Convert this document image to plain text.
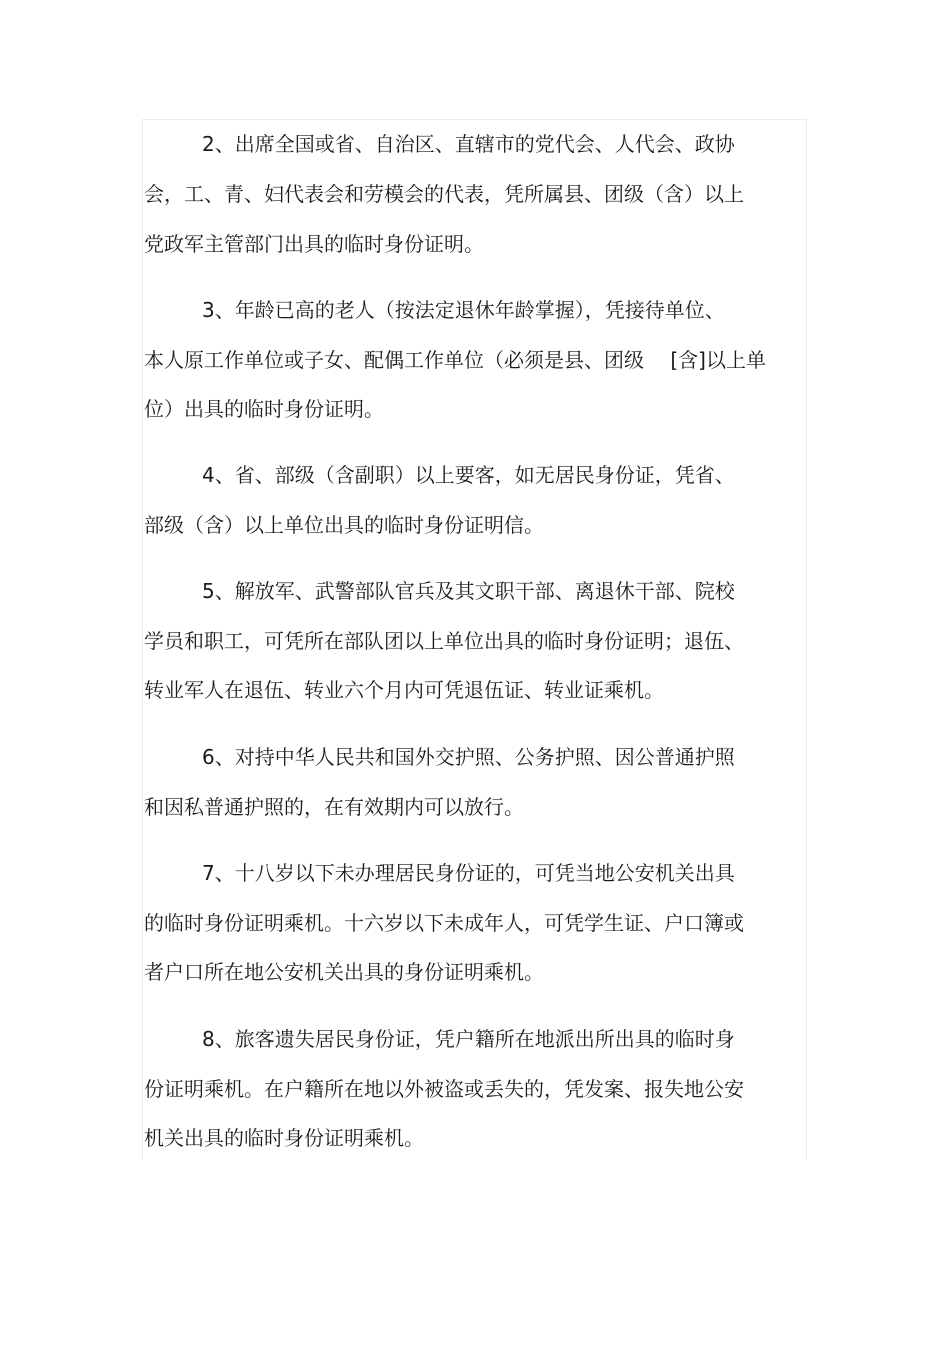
2、出席全国或省、自治区、直辖市的党代会、人代会、政协
会，工、青、妇代表会和劳模会的代表，凭所属县、团级（含）以上
党政军主管部门出具的临时身份证明。
3、年龄已高的老人（按法定退休年龄掌握），凭接待单位、
本人原工作单位或子女、配偶工作单位（必须是县、团级　 [含]以上单
位）出具的临时身份证明。
4、省、部级（含副职）以上要客，如无居民身份证，凭省、
部级（含）以上单位出具的临时身份证明信。
5、解放军、武警部队官兵及其文职干部、离退休干部、院校
学员和职工，可凭所在部队团以上单位出具的临时身份证明；退伍、
转业军人在退伍、转业六个月内可凭退伍证、转业证乘机。
6、对持中华人民共和国外交护照、公务护照、因公普通护照
和因私普通护照的，在有效期内可以放行。
7、十八岁以下未办理居民身份证的，可凭当地公安机关出具
的临时身份证明乘机。十六岁以下未成年人，可凭学生证、户口簿或
者户口所在地公安机关出具的身份证明乘机。
8、旅客遗失居民身份证，凭户籍所在地派出所出具的临时身
份证明乘机。在户籍所在地以外被盗或丢失的，凭发案、报失地公安
机关出具的临时身份证明乘机。
